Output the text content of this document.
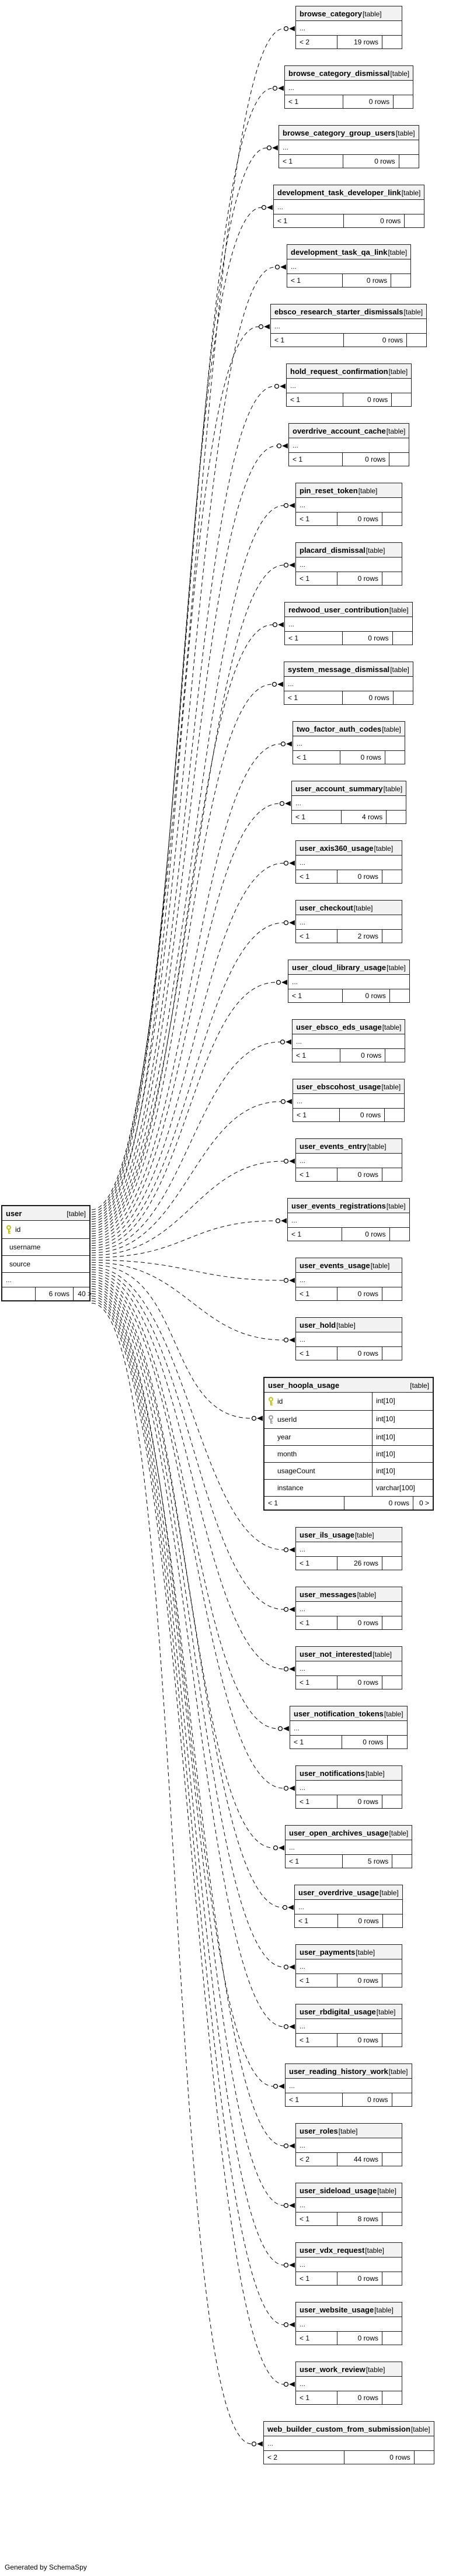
user	[table]
id
username
source
...
6 rows	40 >
browse_category [table]
...
< 2	19 rows
browse_category_dismissal [table]
...
< 1	0 rows
browse_category_group_users [table]
...
< 1	0 rows
development_task_developer_link [table]
...
< 1	0 rows
development_task_qa_link [table]
...
< 1	0 rows
ebsco_research_starter_dismissals [table]
...
< 1	0 rows
hold_request_confirmation [table]
...
< 1	0 rows
overdrive_account_cache [table]
...
< 1	0 rows
pin_reset_token [table]
...
< 1	0 rows
placard_dismissal [table]
...
< 1	0 rows
redwood_user_contribution [table]
...
< 1	0 rows
system_message_dismissal [table]
...
< 1	0 rows
two_factor_auth_codes [table]
...
< 1	0 rows
user_account_summary [table]
...
< 1	4 rows
user_axis360_usage [table]
...
< 1	0 rows
user_checkout [table]
...
< 1	2 rows
user_cloud_library_usage [table]
...
< 1	0 rows
user_ebsco_eds_usage [table]
...
< 1	0 rows
user_ebscohost_usage [table]
...
< 1	0 rows
user_events_entry [table]
...
< 1	0 rows
user_events_registrations [table]
...
< 1	0 rows
user_events_usage [table]
...
< 1	0 rows
user_hold [table]
...
< 1	0 rows
user_hoopla_usage	[table]
id	int[10]
userId	int[10]
year	int[10]
month	int[10]
usageCount	int[10]
instance	varchar[100]
< 1	0 rows	0 >
user_ils_usage [table]
...
< 1	26 rows
user_messages [table]
...
< 1	0 rows
user_not_interested [table]
...
< 1	0 rows
user_notification_tokens [table]
...
< 1	0 rows
user_notifications [table]
...
< 1	0 rows
user_open_archives_usage [table]
...
< 1	5 rows
user_overdrive_usage [table]
...
< 1	0 rows
user_payments [table]
...
< 1	0 rows
user_rbdigital_usage [table]
...
< 1	0 rows
user_reading_history_work [table]
...
< 1	0 rows
user_roles [table]
...
< 2	44 rows
user_sideload_usage [table]
...
< 1	8 rows
user_vdx_request [table]
...
< 1	0 rows
user_website_usage [table]
...
< 1	0 rows
user_work_review [table]
...
< 1	0 rows
web_builder_custom_from_submission [table]
...
< 2	0 rows
Generated by SchemaSpy
